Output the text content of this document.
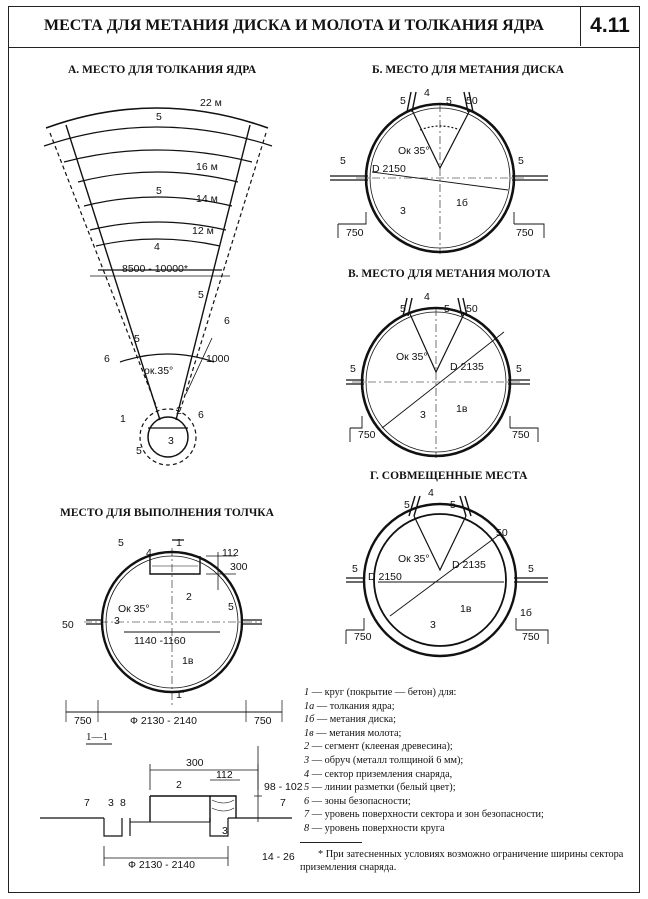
МЕСТА ДЛЯ МЕТАНИЯ ДИСКА И МОЛОТА И ТОЛКАНИЯ ЯДРА	4.11
А. МЕСТО ДЛЯ ТОЛКАНИЯ ЯДРА	Б. МЕСТО ДЛЯ МЕТАНИЯ ДИСКА
В. МЕСТО ДЛЯ МЕТАНИЯ МОЛОТА
Г. СОВМЕЩЕННЫЕ МЕСТА
МЕСТО ДЛЯ ВЫПОЛНЕНИЯ ТОЛЧКА
22 м
16 м
14 м
12 м
8500 - 10000*
ок.35°
1000
5
5
4
5
6
5
6
1
2 6
3
5
Ок 35°
D 2150
1б
750	750
5
4
5 50
5	5
3
Ок 35°
D 2135
1в
750	750
5
4
5 50
5	5
3
Ок 35°
D 2150
D 2135
1в	1б
750	750
5
4
5
50
5	5
3
5
4
1
112
300
2
Ок 35°	5
3
1140 -1160
1в
1
750	Ф 2130 - 2140	750
50
300
112
2	98 - 102
14 - 26
7 3 8	7
3
Ф 2130 - 2140
1—1
1 — круг (покрытие — бетон) для:
1а — толкания ядра;
1б — метания диска;
1в — метания молота;
2 — сегмент (клееная древесина);
3 — обруч (металл толщиной 6 мм);
4 — сектор приземления снаряда,
5 — линии разметки (белый цвет);
6 — зоны безопасности;
7 — уровень поверхности сектора и зон безопасности;
8 — уровень поверхности круга
* При затесненных условиях возможно ограничение ширины сектора приземления снаряда.
